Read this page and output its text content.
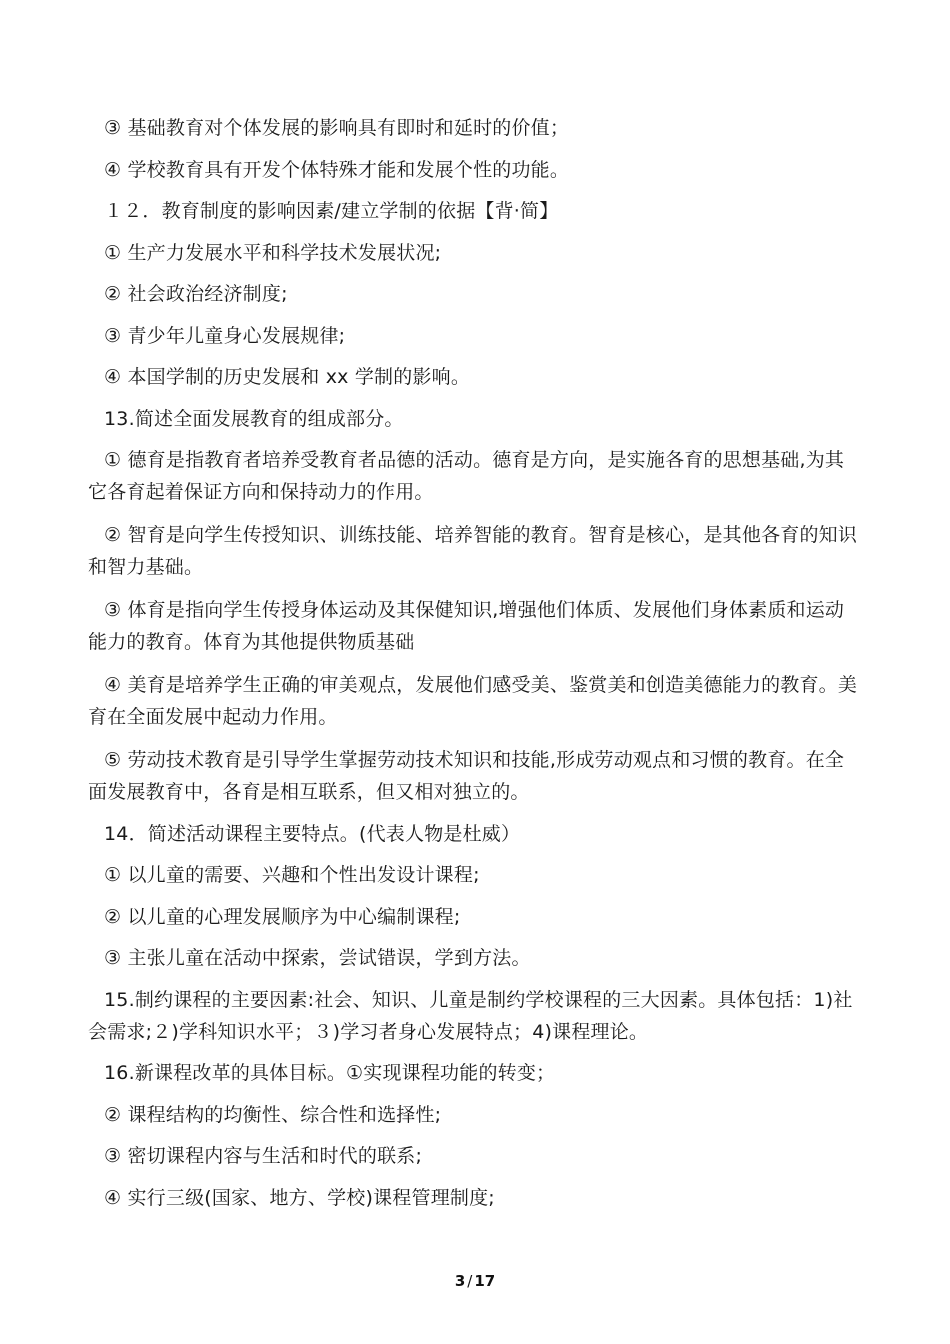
③ 基础教育对个体发展的影响具有即时和延时的价值；

④ 学校教育具有开发个体特殊才能和发展个性的功能。

１２．教育制度的影响因素/建立学制的依据【背·简】

① 生产力发展水平和科学技术发展状况;

② 社会政治经济制度;

③ 青少年儿童身心发展规律;

④ 本国学制的历史发展和 xx 学制的影响。

13.简述全面发展教育的组成部分。

① 德育是指教育者培养受教育者品德的活动。德育是方向，是实施各育的思想基础,为其它各育起着保证方向和保持动力的作用。

② 智育是向学生传授知识、训练技能、培养智能的教育。智育是核心，是其他各育的知识和智力基础。

③ 体育是指向学生传授身体运动及其保健知识,增强他们体质、发展他们身体素质和运动能力的教育。体育为其他提供物质基础

④ 美育是培养学生正确的审美观点，发展他们感受美、鉴赏美和创造美德能力的教育。美育在全面发展中起动力作用。

⑤ 劳动技术教育是引导学生掌握劳动技术知识和技能,形成劳动观点和习惯的教育。在全面发展教育中，各育是相互联系，但又相对独立的。

14．简述活动课程主要特点。(代表人物是杜威）

① 以儿童的需要、兴趣和个性出发设计课程;

② 以儿童的心理发展顺序为中心编制课程;

③ 主张儿童在活动中探索，尝试错误，学到方法。

15.制约课程的主要因素:社会、知识、儿童是制约学校课程的三大因素。具体包括：1)社会需求;２)学科知识水平；３)学习者身心发展特点；4)课程理论。

16.新课程改革的具体目标。①实现课程功能的转变；

② 课程结构的均衡性、综合性和选择性;

③ 密切课程内容与生活和时代的联系;

④ 实行三级(国家、地方、学校)课程管理制度;

3 / 17
